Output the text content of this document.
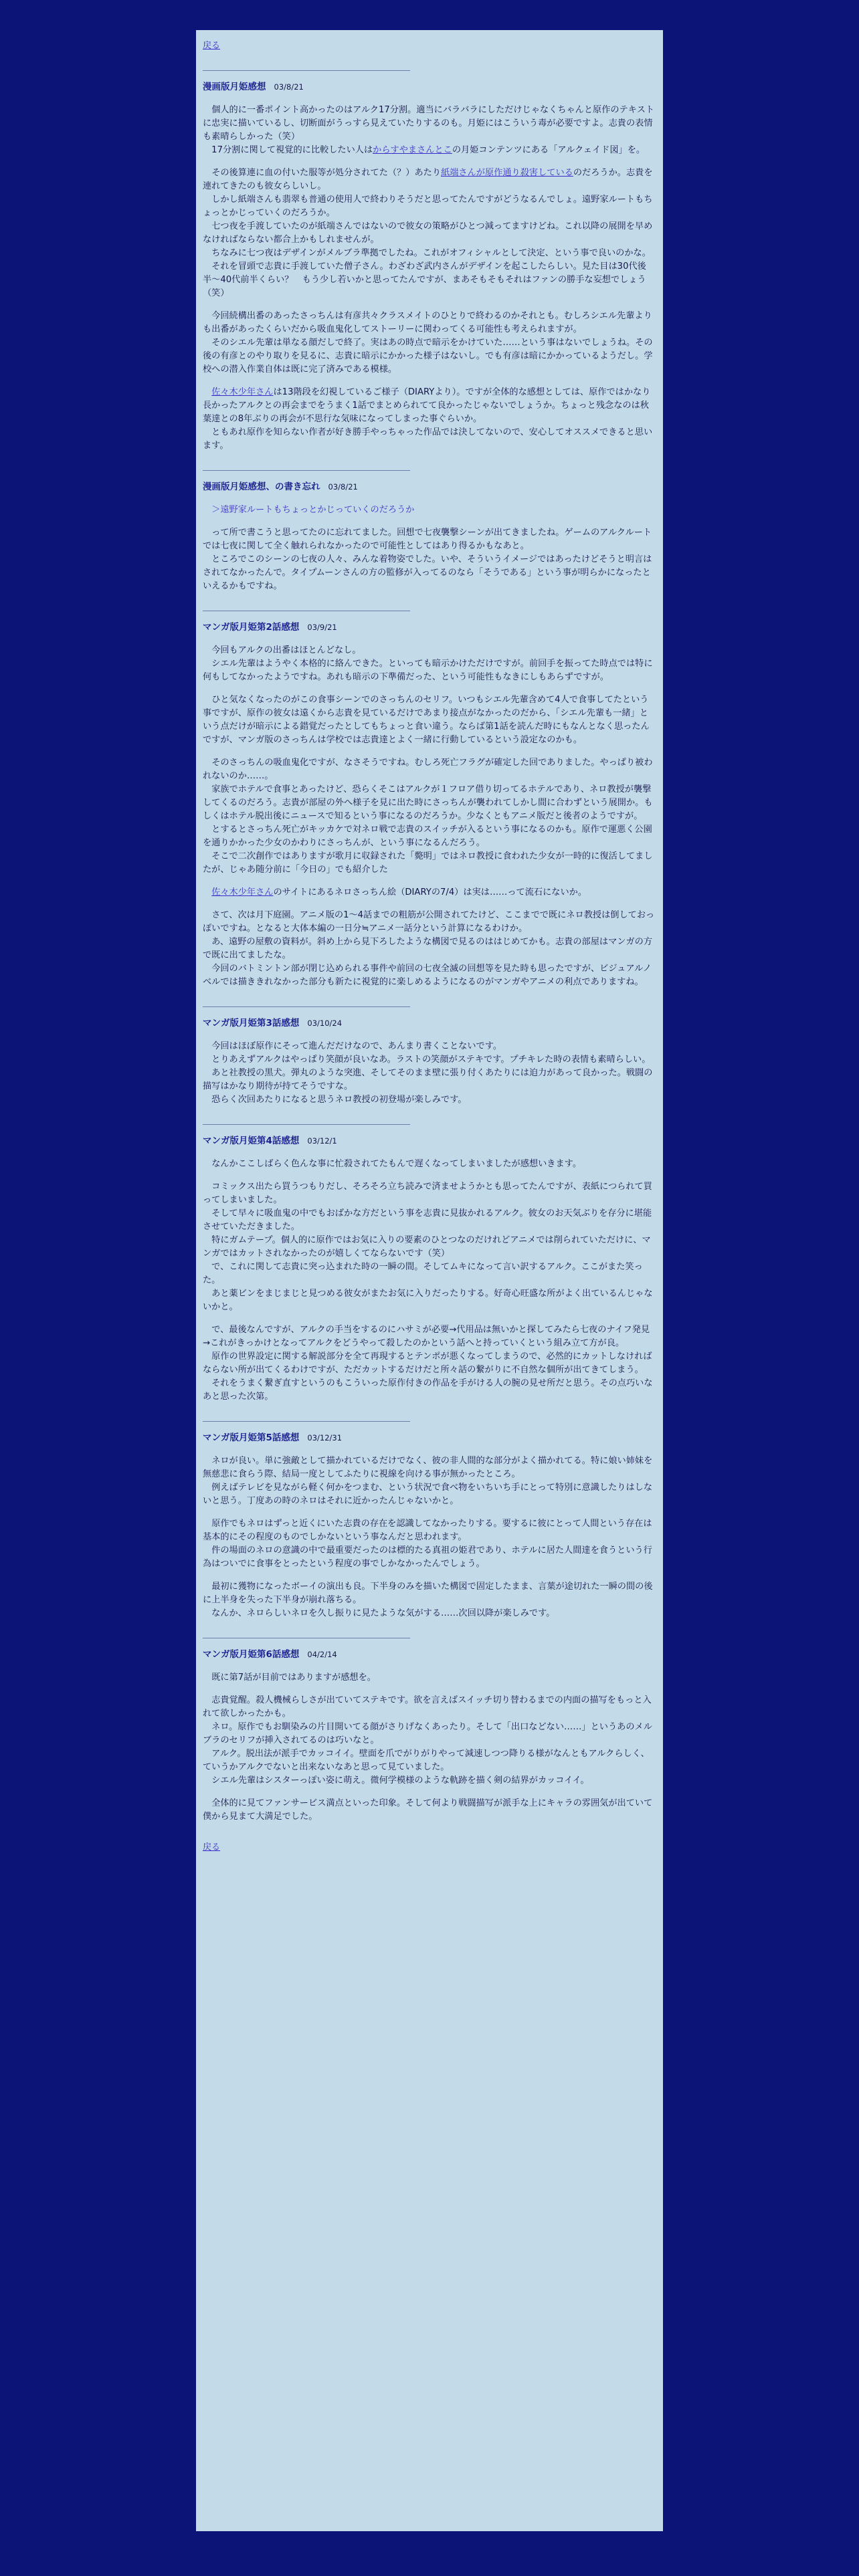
戻る
漫画版月姫感想 03/8/21

個人的に一番ポイント高かったのはアルク17分割。適当にバラバラにしただけじゃなくちゃんと原作のテキストに忠実に描いているし、切断面がうっすら見えていたりするのも。月姫にはこういう毒が必要ですよ。志貴の表情も素晴らしかった（笑）
　17分割に関して視覚的に比較したい人はからすやまさんとこの月姫コンテンツにある「アルクェイド図」を。

その後算連に血の付いた服等が処分されてた（？）あたり紙端さんが原作通り殺害しているのだろうか。志貴を連れてきたのも彼女らしいし。
　しかし紙端さんも翡翠も普通の使用人で終わりそうだと思ってたんですがどうなるんでしょ。遠野家ルートもちょっとかじっていくのだろうか。
　七つ夜を手渡していたのが紙端さんではないので彼女の策略がひとつ減ってますけどね。これ以降の展開を早めなければならない都合上かもしれませんが。
　ちなみに七つ夜はデザインがメルブラ準拠でしたね。これがオフィシャルとして決定、という事で良いのかな。
　それを冒頭で志貴に手渡していた僧子さん。わざわざ武内さんがデザインを起こしたらしい。見た目は30代後半〜40代前半くらい？　もう少し若いかと思ってたんですが、まあそもそもそれはファンの勝手な妄想でしょう（笑）

今回続構出番のあったさっちんは有彦共々クラスメイトのひとりで終わるのかそれとも。むしろシエル先輩よりも出番があったくらいだから吸血鬼化してストーリーに関わってくる可能性も考えられますが。
　そのシエル先輩は単なる顔だしで終了。実はあの時点で暗示をかけていた……という事はないでしょうね。その後の有彦とのやり取りを見るに、志貴に暗示にかかった様子はないし。でも有彦は暗にかかっているようだし。学校への潜入作業自体は既に完了済みである模様。

佐々木少年さんは13階段を幻視しているご様子（DIARYより）。ですが全体的な感想としては、原作ではかなり長かったアルクとの再会までをうまく1話でまとめられてて良かったじゃないでしょうか。ちょっと残念なのは秋葉達との8年ぶりの再会が不思行な気味になってしまった事ぐらいか。
　ともあれ原作を知らない作者が好き勝手やっちゃった作品では決してないので、安心してオススメできると思います。

漫画版月姫感想、の書き忘れ 03/8/21

＞遠野家ルートもちょっとかじっていくのだろうか

って所で書こうと思ってたのに忘れてました。回想で七夜襲撃シーンが出てきましたね。ゲームのアルクルートでは七夜に関して全く触れられなかったので可能性としてはあり得るかもなあと。
　ところでこのシーンの七夜の人々、みんな着物姿でした。いや、そういうイメージではあったけどそうと明言はされてなかったんで。タイプムーンさんの方の監修が入ってるのなら「そうである」という事が明らかになったといえるかもですね。

マンガ版月姫第2話感想 03/9/21

今回もアルクの出番はほとんどなし。
　シエル先輩はようやく本格的に絡んできた。といっても暗示かけただけですが。前回手を振ってた時点では特に何もしてなかったようですね。あれも暗示の下準備だった、という可能性もなきにしもあらずですが。

ひと気なくなったのがこの食事シーンでのさっちんのセリフ。いつもシエル先輩含めて4人で食事してたという事ですが、原作の彼女は遠くから志貴を見ているだけであまり接点がなかったのだから、「シエル先輩も一緒」という点だけが暗示による錯覚だったとしてもちょっと食い違う。ならば第1話を読んだ時にもなんとなく思ったんですが、マンガ版のさっちんは学校では志貴達とよく一緒に行動しているという設定なのかも。

そのさっちんの吸血鬼化ですが、なさそうですね。むしろ死亡フラグが確定した回でありました。やっぱり被われないのか……。
　家族でホテルで食事とあったけど、恐らくそこはアルクが１フロア借り切ってるホテルであり、ネロ教授が襲撃してくるのだろう。志貴が部屋の外へ様子を見に出た時にさっちんが襲われてしかし間に合わずという展開か。もしくはホテル脱出後にニュースで知るという事になるのだろうか。少なくともアニメ版だと後者のようですが。
　とするとさっちん死亡がキッカケで対ネロ戦で志貴のスイッチが入るという事になるのかも。原作で運悪く公園を通りかかった少女のかわりにさっちんが、という事になるんだろう。
　そこで二次創作ではありますが歌月に収録された「斃明」ではネロ教授に食われた少女が一時的に復活してましたが、じゃあ随分前に「今日の」でも紹介した

佐々木少年さんのサイトにあるネロさっちん絵（DIARYの7/4）は実は……って流石にないか。

さて、次は月下庭園。アニメ版の1〜4話までの粗筋が公開されてたけど、ここまでで既にネロ教授は倒しておっぽいですね。となると大体本編の一日分≒アニメ一話分という計算になるわけか。
　あ、遠野の屋敷の資料が。斜め上から見下ろしたような構図で見るのははじめてかも。志貴の部屋はマンガの方で既に出てましたな。
　今回のバトミントン部が閉じ込められる事件や前回の七夜全滅の回想等を見た時も思ったですが、ビジュアルノベルでは描ききれなかった部分も新たに視覚的に楽しめるようになるのがマンガやアニメの利点でありますね。

マンガ版月姫第3話感想 03/10/24

今回はほぼ原作にそって進んだだけなので、あんまり書くことないです。
　とりあえずアルクはやっぱり笑顔が良いなあ。ラストの笑顔がステキです。プチキレた時の表情も素晴らしい。
　あと社教授の黒犬。弾丸のような突進、そしてそのまま壁に張り付くあたりには迫力があって良かった。戦闘の描写はかなり期待が持てそうですな。
　恐らく次回あたりになると思うネロ教授の初登場が楽しみです。

マンガ版月姫第4話感想 03/12/1

なんかここしばらく色んな事に忙殺されてたもんで遅くなってしまいましたが感想いきます。

コミックス出たら買うつもりだし、そろそろ立ち読みで済ませようかとも思ってたんですが、表紙につられて買ってしまいました。
　そして早々に吸血鬼の中でもおばかな方だという事を志貴に見抜かれるアルク。彼女のお天気ぶりを存分に堪能させていただきました。
　特にガムテープ。個人的に原作ではお気に入りの要素のひとつなのだけれどアニメでは削られていただけに、マンガではカットされなかったのが嬉しくてならないです（笑）
　で、これに関して志貴に突っ込まれた時の一瞬の間。そしてムキになって言い訳するアルク。ここがまた笑った。
　あと薬ビンをまじまじと見つめる彼女がまたお気に入りだったりする。好奇心旺盛な所がよく出ているんじゃないかと。

で、最後なんですが、アルクの手当をするのにハサミが必要→代用品は無いかと探してみたら七夜のナイフ発見→これがきっかけとなってアルクをどうやって殺したのかという話へと持っていくという組み立て方が良。
　原作の世界設定に関する解説部分を全て再現するとテンポが悪くなってしまうので、必然的にカットしなければならない所が出てくるわけですが、ただカットするだけだと所々話の繋がりに不自然な個所が出てきてしまう。
　それをうまく繋ぎ直すというのもこういった原作付きの作品を手がける人の腕の見せ所だと思う。その点巧いなあと思った次第。

マンガ版月姫第5話感想 03/12/31

ネロが良い。単に強敵として描かれているだけでなく、彼の非人間的な部分がよく描かれてる。特に娘い姉妹を無慈悲に食らう際、結局一度としてふたりに視線を向ける事が無かったところ。
　例えばテレビを見ながら軽く何かをつまむ、という状況で食べ物をいちいち手にとって特別に意識したりはしないと思う。丁度あの時のネロはそれに近かったんじゃないかと。

原作でもネロはずっと近くにいた志貴の存在を認識してなかったりする。要するに彼にとって人間という存在は基本的にその程度のものでしかないという事なんだと思われます。
　件の場面のネロの意識の中で最重要だったのは標的たる真祖の姫君であり、ホテルに居た人間達を食うという行為はついでに食事をとったという程度の事でしかなかったんでしょう。

最初に獲物になったボーイの演出も良。下半身のみを描いた構図で固定したまま、言葉が途切れた一瞬の間の後に上半身を失った下半身が崩れ落ちる。
　なんか、ネロらしいネロを久し振りに見たような気がする……次回以降が楽しみです。

マンガ版月姫第6話感想 04/2/14

既に第7話が目前ではありますが感想を。

志貴覚醒。殺人機械らしさが出ていてステキです。欲を言えばスイッチ切り替わるまでの内面の描写をもっと入れて欲しかったかも。
　ネロ。原作でもお馴染みの片目開いてる顔がさりげなくあったり。そして「出口などない……」というあのメルブラのセリフが挿入されてるのは巧いなと。
　アルク。脱出法が派手でカッコイイ。壁面を爪でがりがりやって減速しつつ降りる様がなんともアルクらしく、ていうかアルクでないと出来ないなあと思って見ていました。
　シエル先輩はシスターっぽい姿に萌え。微何学模様のような軌跡を描く剣の結界がカッコイイ。

全体的に見てファンサービス満点といった印象。そして何より戦闘描写が派手な上にキャラの雰囲気が出ていて僕から見まて大満足でした。

戻る
